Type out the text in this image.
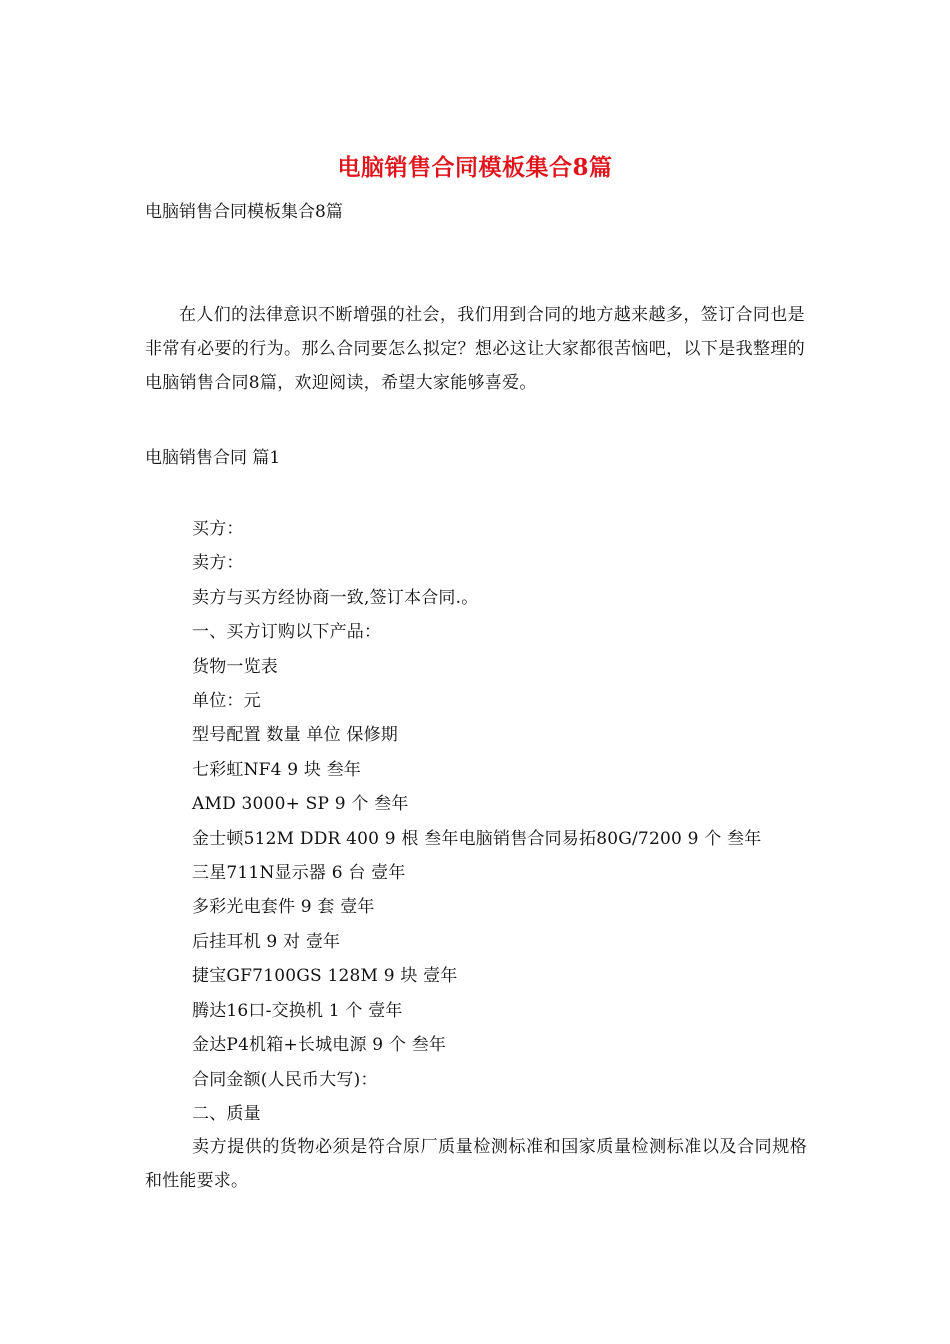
电脑销售合同模板集合8篇
电脑销售合同模板集合8篇

在人们的法律意识不断增强的社会，我们用到合同的地方越来越多，签订合同也是非常有必要的行为。那么合同要怎么拟定？想必这让大家都很苦恼吧，以下是我整理的电脑销售合同8篇，欢迎阅读，希望大家能够喜爱。

电脑销售合同 篇1
买方：
卖方：
卖方与买方经协商一致,签订本合同.。
一、买方订购以下产品：
货物一览表
单位：元
型号配置 数量 单位 保修期
七彩虹NF4 9 块 叁年
AMD 3000+ SP 9 个 叁年
金士顿512M DDR 400 9 根 叁年电脑销售合同易拓80G/7200 9 个 叁年
三星711N显示器 6 台 壹年
多彩光电套件 9 套 壹年
后挂耳机 9 对 壹年
捷宝GF7100GS 128M 9 块 壹年
腾达16口-交换机 1 个 壹年
金达P4机箱+长城电源 9 个 叁年
合同金额(人民币大写)：
二、质量

卖方提供的货物必须是符合原厂质量检测标准和国家质量检测标准以及合同规格和性能要求。
